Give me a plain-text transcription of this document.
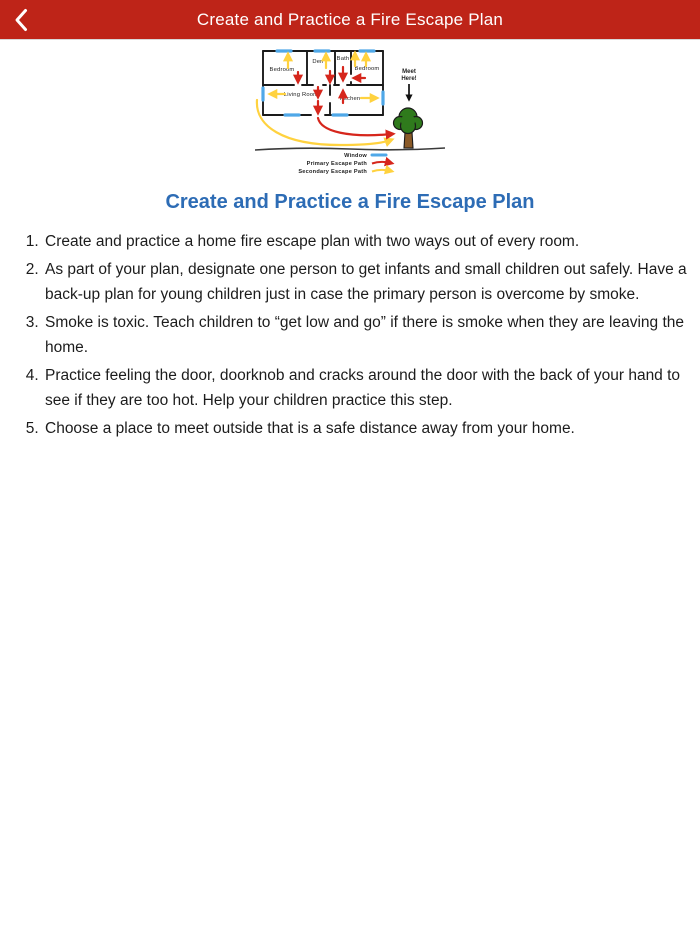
Create and Practice a Fire Escape Plan
Bedroom
Den Bath
Bedroom
Living Room
Kitchen
Meet
Here!
Window
Primary Escape Path
Secondary Escape Path
Create and Practice a Fire Escape Plan
1. Create and practice a home fire escape plan with two ways out of every room.
2. As part of your plan, designate one person to get infants and small children out safely. Have a back-up plan for young children just in case the primary person is overcome by smoke.
3. Smoke is toxic. Teach children to “get low and go” if there is smoke when they are leaving the home.
4. Practice feeling the door, doorknob and cracks around the door with the back of your hand to see if they are too hot. Help your children practice this step.
5. Choose a place to meet outside that is a safe distance away from your home.
